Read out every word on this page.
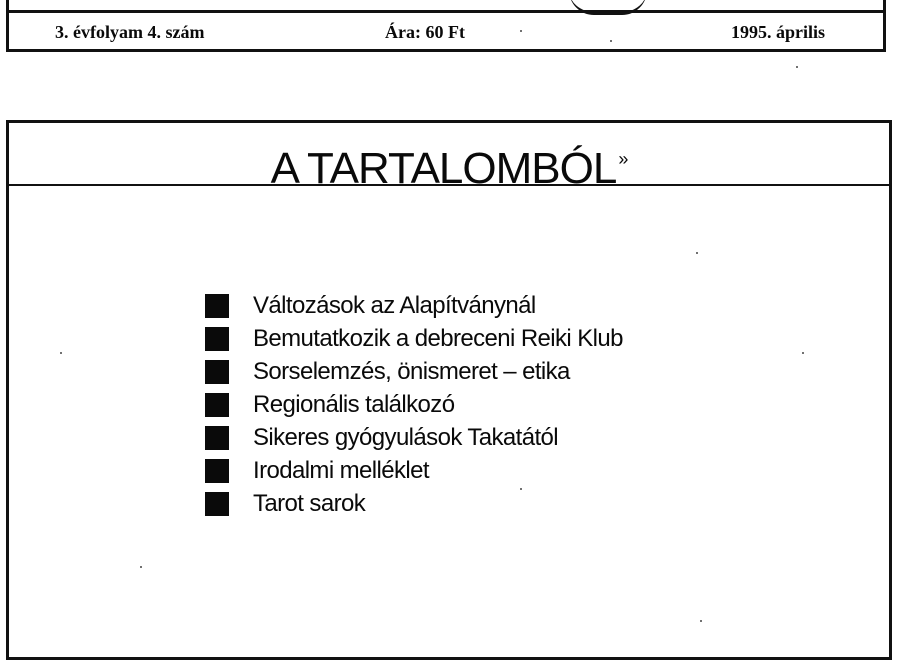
3. évfolyam 4. szám	Ára: 60 Ft	1995. április
A TARTALOMBÓL »
Változások az Alapítványnál
Bemutatkozik a debreceni Reiki Klub
Sorselemzés, önismeret – etika
Regionális találkozó
Sikeres gyógyulások Takatától
Irodalmi melléklet
Tarot sarok
